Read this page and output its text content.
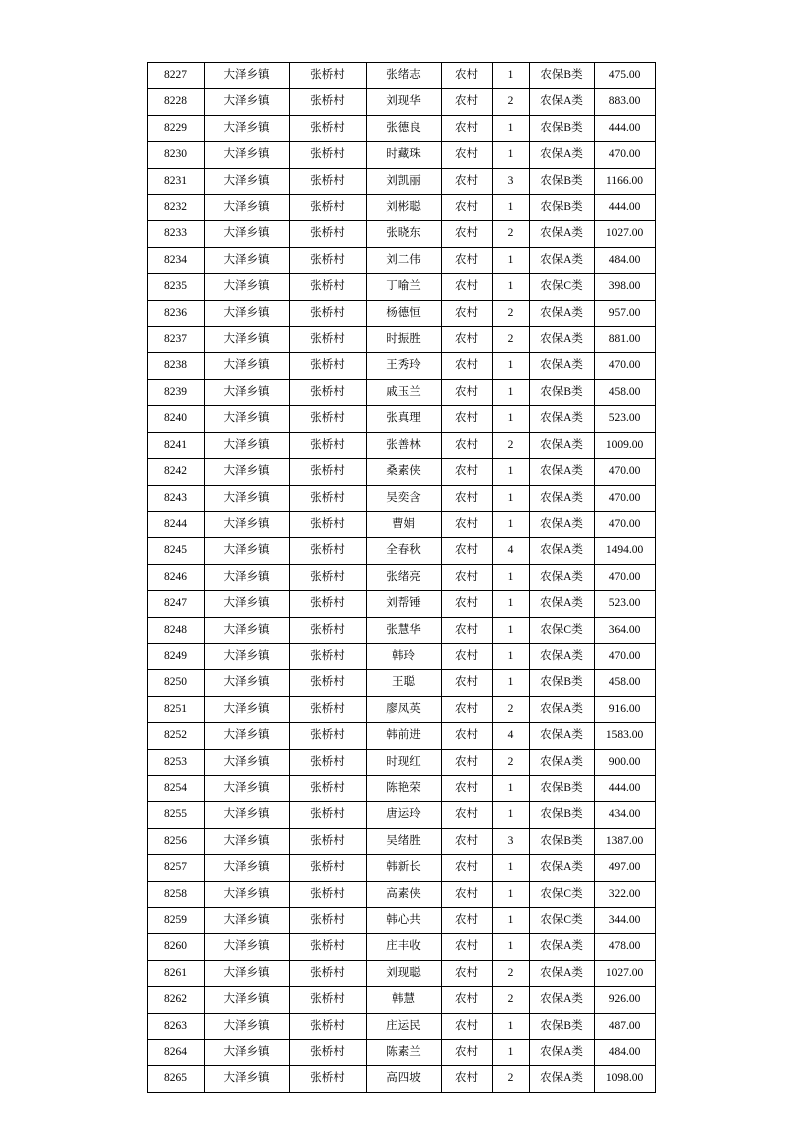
8227	大泽乡镇	张桥村	张绪志	农村	1	农保B类	475.00
8228	大泽乡镇	张桥村	刘现华	农村	2	农保A类	883.00
8229	大泽乡镇	张桥村	张德良	农村	1	农保B类	444.00
8230	大泽乡镇	张桥村	时藏珠	农村	1	农保A类	470.00
8231	大泽乡镇	张桥村	刘凯丽	农村	3	农保B类	1166.00
8232	大泽乡镇	张桥村	刘彬聪	农村	1	农保B类	444.00
8233	大泽乡镇	张桥村	张晓东	农村	2	农保A类	1027.00
8234	大泽乡镇	张桥村	刘二伟	农村	1	农保A类	484.00
8235	大泽乡镇	张桥村	丁喻兰	农村	1	农保C类	398.00
8236	大泽乡镇	张桥村	杨德恒	农村	2	农保A类	957.00
8237	大泽乡镇	张桥村	时振胜	农村	2	农保A类	881.00
8238	大泽乡镇	张桥村	王秀玲	农村	1	农保A类	470.00
8239	大泽乡镇	张桥村	戚玉兰	农村	1	农保B类	458.00
8240	大泽乡镇	张桥村	张真理	农村	1	农保A类	523.00
8241	大泽乡镇	张桥村	张善林	农村	2	农保A类	1009.00
8242	大泽乡镇	张桥村	桑素侠	农村	1	农保A类	470.00
8243	大泽乡镇	张桥村	吴奕含	农村	1	农保A类	470.00
8244	大泽乡镇	张桥村	曹娟	农村	1	农保A类	470.00
8245	大泽乡镇	张桥村	全春秋	农村	4	农保A类	1494.00
8246	大泽乡镇	张桥村	张绪亮	农村	1	农保A类	470.00
8247	大泽乡镇	张桥村	刘帮锤	农村	1	农保A类	523.00
8248	大泽乡镇	张桥村	张慧华	农村	1	农保C类	364.00
8249	大泽乡镇	张桥村	韩玲	农村	1	农保A类	470.00
8250	大泽乡镇	张桥村	王聪	农村	1	农保B类	458.00
8251	大泽乡镇	张桥村	廖凤英	农村	2	农保A类	916.00
8252	大泽乡镇	张桥村	韩前进	农村	4	农保A类	1583.00
8253	大泽乡镇	张桥村	时现红	农村	2	农保A类	900.00
8254	大泽乡镇	张桥村	陈艳荣	农村	1	农保B类	444.00
8255	大泽乡镇	张桥村	唐运玲	农村	1	农保B类	434.00
8256	大泽乡镇	张桥村	吴绪胜	农村	3	农保B类	1387.00
8257	大泽乡镇	张桥村	韩新长	农村	1	农保A类	497.00
8258	大泽乡镇	张桥村	高素侠	农村	1	农保C类	322.00
8259	大泽乡镇	张桥村	韩心共	农村	1	农保C类	344.00
8260	大泽乡镇	张桥村	庄丰收	农村	1	农保A类	478.00
8261	大泽乡镇	张桥村	刘现聪	农村	2	农保A类	1027.00
8262	大泽乡镇	张桥村	韩慧	农村	2	农保A类	926.00
8263	大泽乡镇	张桥村	庄运民	农村	1	农保B类	487.00
8264	大泽乡镇	张桥村	陈素兰	农村	1	农保A类	484.00
8265	大泽乡镇	张桥村	高四坡	农村	2	农保A类	1098.00
